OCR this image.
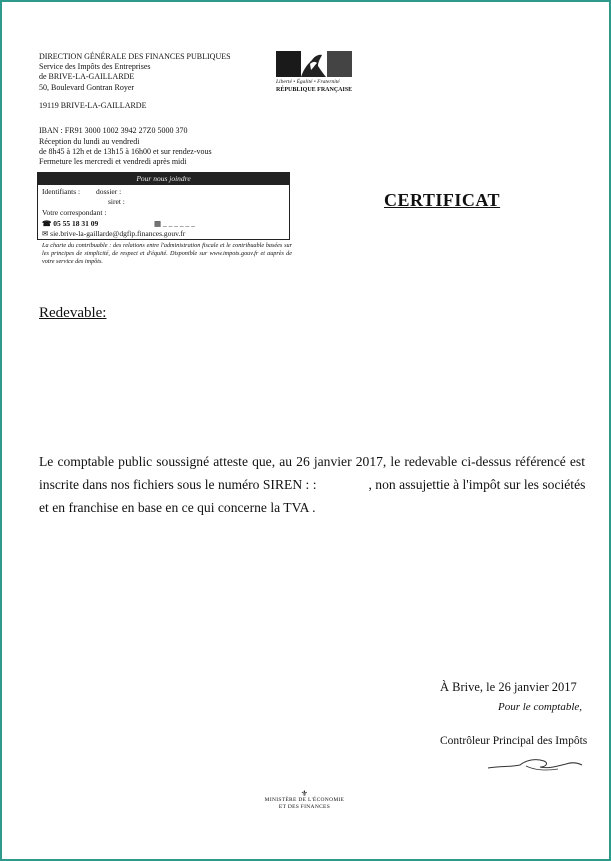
DIRECTION GÉNÉRALE DES FINANCES PUBLIQUES
Service des Impôts des Entreprises
de BRIVE-LA-GAILLARDE
50, Boulevard Gontran Royer
19119 BRIVE-LA-GAILLARDE
Liberté • Égalité • Fraternité
RÉPUBLIQUE FRANÇAISE
IBAN : FR91 3000 1002 3942 27Z0 5000 370
Réception du lundi au vendredi
de 8h45 à 12h et de 13h15 à 16h00 et sur rendez-vous
Fermeture les mercredi et vendredi après midi
Pour nous joindre
Identifiants : dossier :
siret :
Votre correspondant :
☎ 05 55 18 31 09	▦ _ _ _ _ _ _
✉ sie.brive-la-gaillarde@dgfip.finances.gouv.fr
La charte du contribuable : des relations entre l'administration fiscale et le contribuable basées sur les principes de simplicité, de respect et d'équité. Disponible sur www.impots.gouv.fr et auprès de votre service des impôts.
CERTIFICAT
Redevable:
Le comptable public soussigné atteste que, au 26 janvier 2017, le redevable ci-dessus référencé est
inscrite dans nos fichiers sous le numéro SIREN : :	, non assujettie à l'impôt sur les sociétés
et en franchise en base en ce qui concerne la TVA .
À Brive, le 26 janvier 2017
Pour le comptable,
Contrôleur Principal des Impôts
⚜
MINISTÈRE DE L'ÉCONOMIE
ET DES FINANCES
